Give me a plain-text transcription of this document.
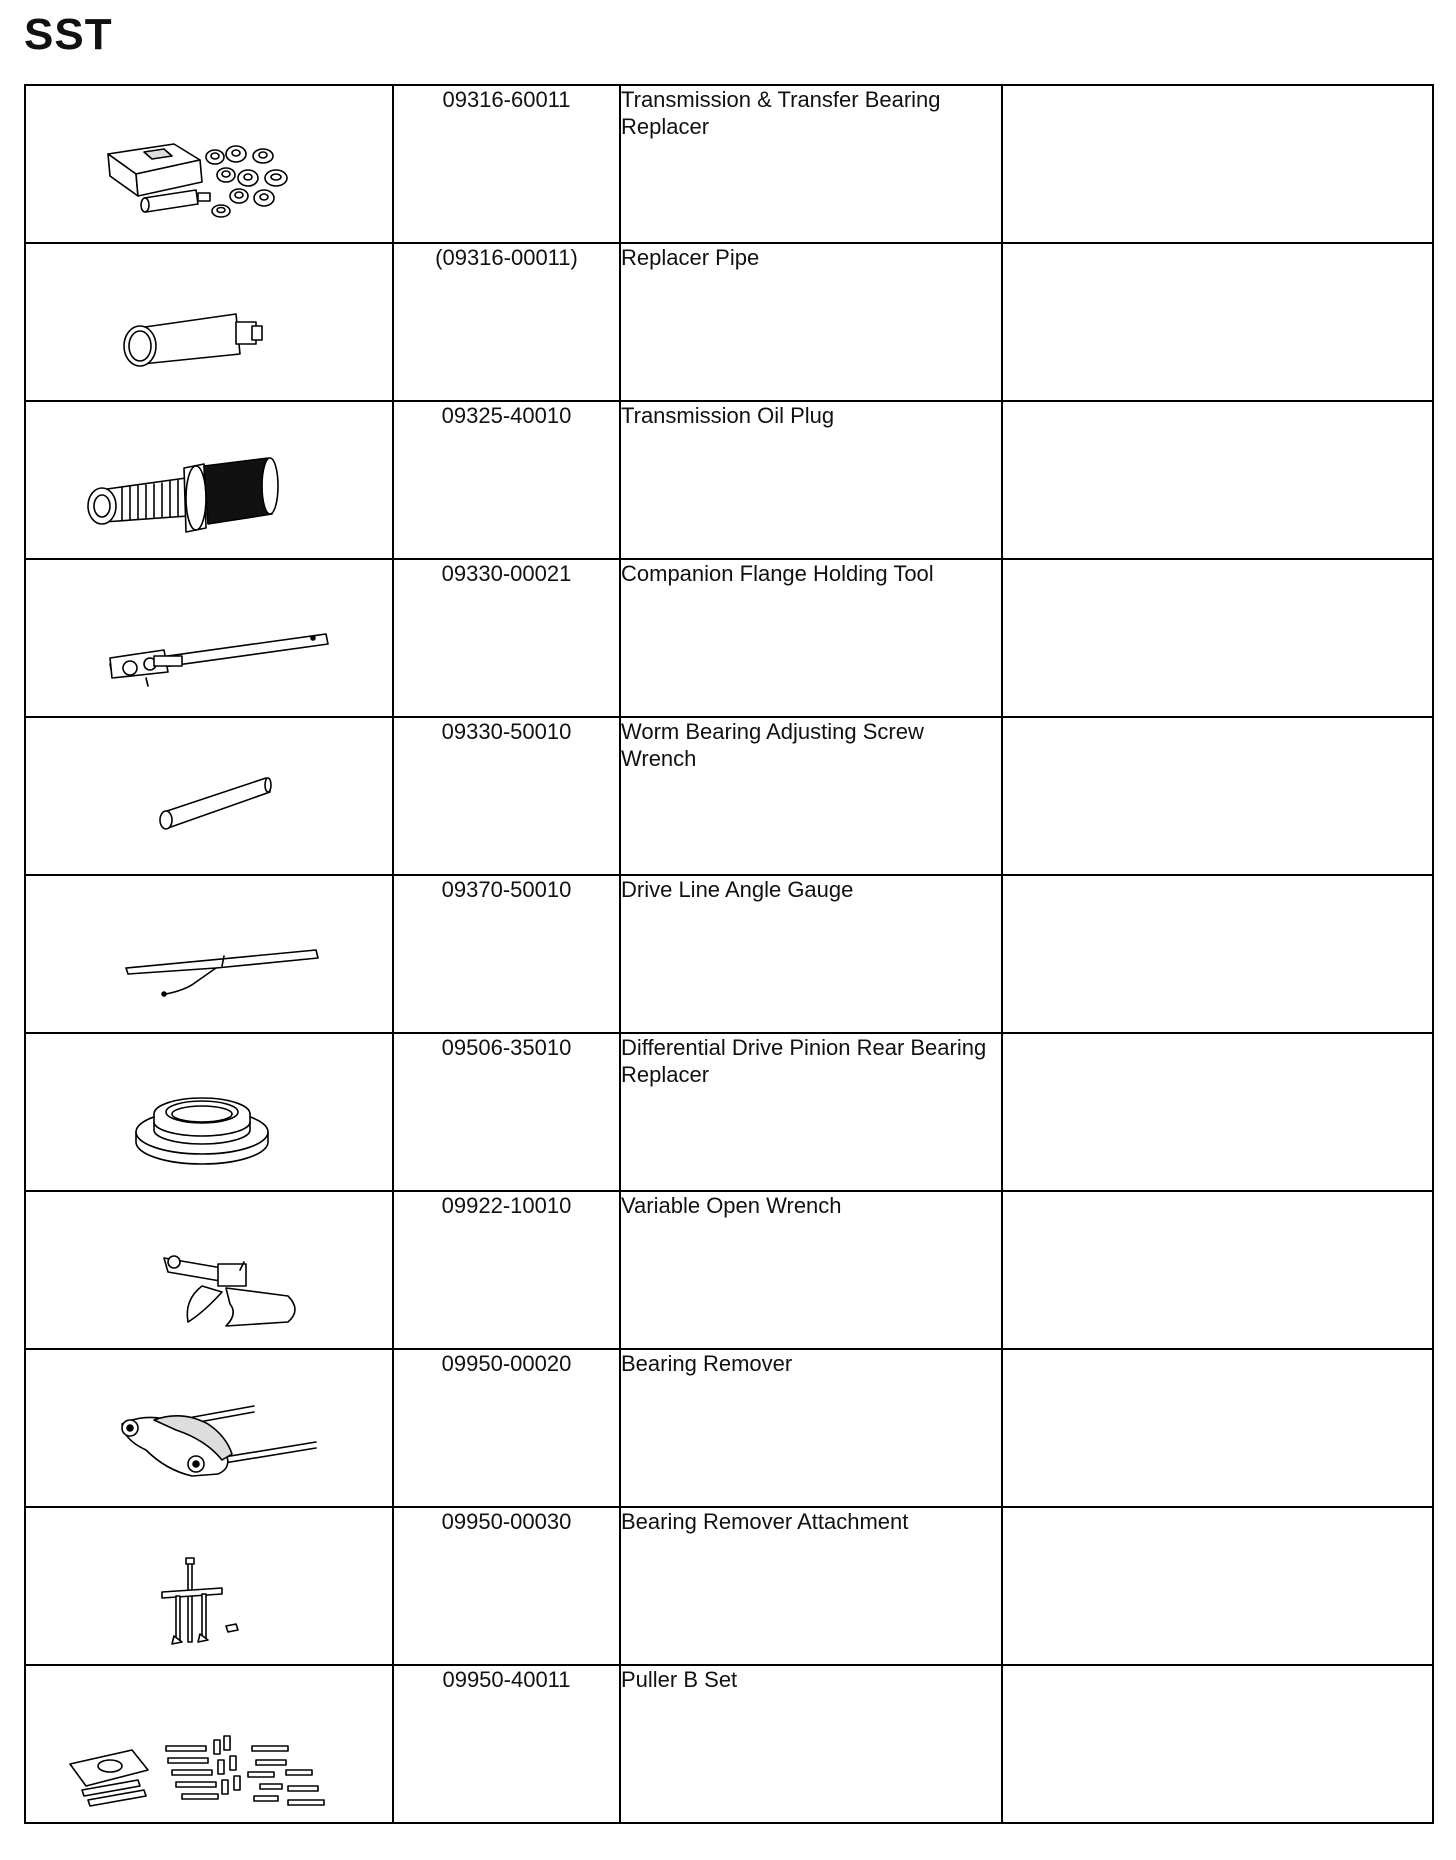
SST
	09316-60011	Transmission & Transfer Bearing Replacer	

	(09316-00011)	Replacer Pipe	

	09325-40010	Transmission Oil Plug	

	09330-00021	Companion Flange Holding Tool	

	09330-50010	Worm Bearing Adjusting Screw Wrench	

	09370-50010	Drive Line Angle Gauge	

	09506-35010	Differential Drive Pinion Rear Bearing Replacer	

	09922-10010	Variable Open Wrench	

	09950-00020	Bearing Remover	

	09950-00030	Bearing Remover Attachment	

	09950-40011	Puller B Set	
